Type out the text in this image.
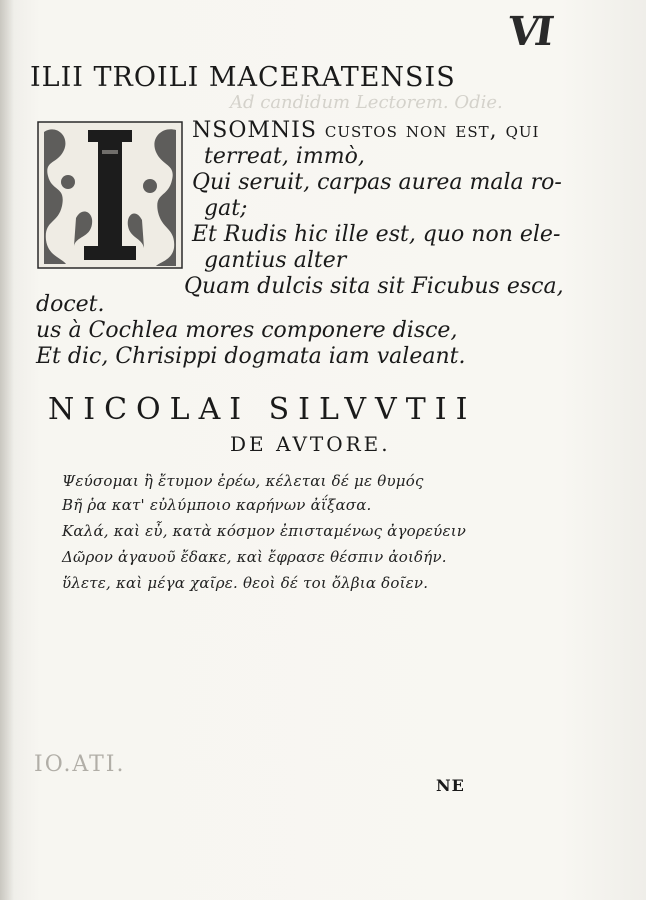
VI
ILII TROILI MACERATENSIS
Ad candidum Lectorem. Odie.
NSOMNIS custos non est, qui
terreat, immò,
Qui seruit, carpas aurea mala ro-
gat;
Et Rudis hic ille est, quo non ele-
gantius alter
Quam dulcis sita sit Ficubus esca,
docet.
us à Cochlea mores componere disce,
Et dic, Chrisippi dogmata iam valeant.
NICOLAI SILVVTII
DE AVTORE.
Ψεύσομαι ἢ ἔτυμον ἐρέω, κέλεται δέ με θυμός
Βῆ ῥα κατ' εὐλύμποιο καρήνων ἀΐξασα.
Καλά, καὶ εὖ, κατὰ κόσμον ἐπισταμένως ἀγορεύειν
Δῶρον ἀγαυοῦ ἔδακε, καὶ ἔφρασε θέσπιν ἀοιδήν.
ὕλετε, καὶ μέγα χαῖρε. θεοὶ δέ τοι ὄλβια δοῖεν.
IO.ATI.
NE
